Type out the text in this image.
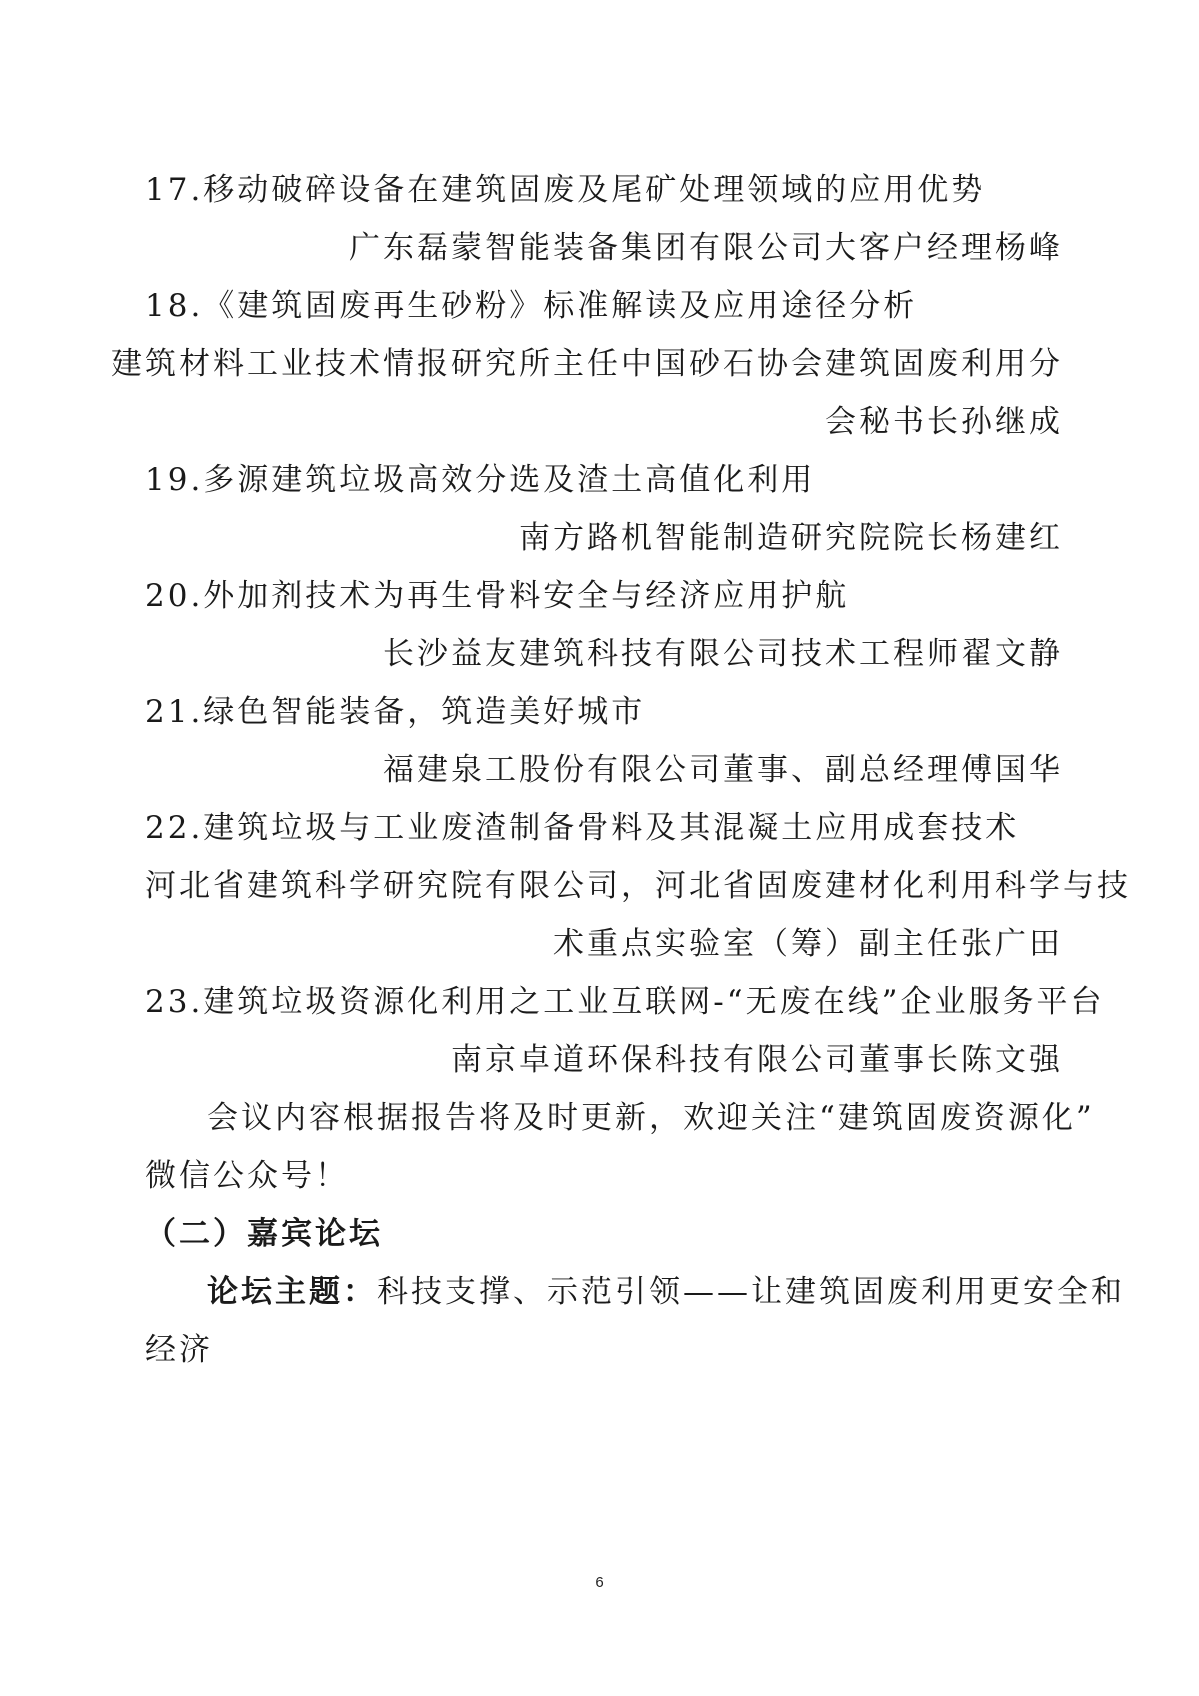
17.移动破碎设备在建筑固废及尾矿处理领域的应用优势
广东磊蒙智能装备集团有限公司大客户经理杨峰
18.《建筑固废再生砂粉》标准解读及应用途径分析
建筑材料工业技术情报研究所主任中国砂石协会建筑固废利用分
会秘书长孙继成
19.多源建筑垃圾高效分选及渣土高值化利用
南方路机智能制造研究院院长杨建红
20.外加剂技术为再生骨料安全与经济应用护航
长沙益友建筑科技有限公司技术工程师翟文静
21.绿色智能装备，筑造美好城市
福建泉工股份有限公司董事、副总经理傅国华
22.建筑垃圾与工业废渣制备骨料及其混凝土应用成套技术
河北省建筑科学研究院有限公司，河北省固废建材化利用科学与技
术重点实验室（筹）副主任张广田
23.建筑垃圾资源化利用之工业互联网-“无废在线”企业服务平台
南京卓道环保科技有限公司董事长陈文强
会议内容根据报告将及时更新，欢迎关注“建筑固废资源化”
微信公众号！
（二）嘉宾论坛
论坛主题：科技支撑、示范引领——让建筑固废利用更安全和
经济
6
